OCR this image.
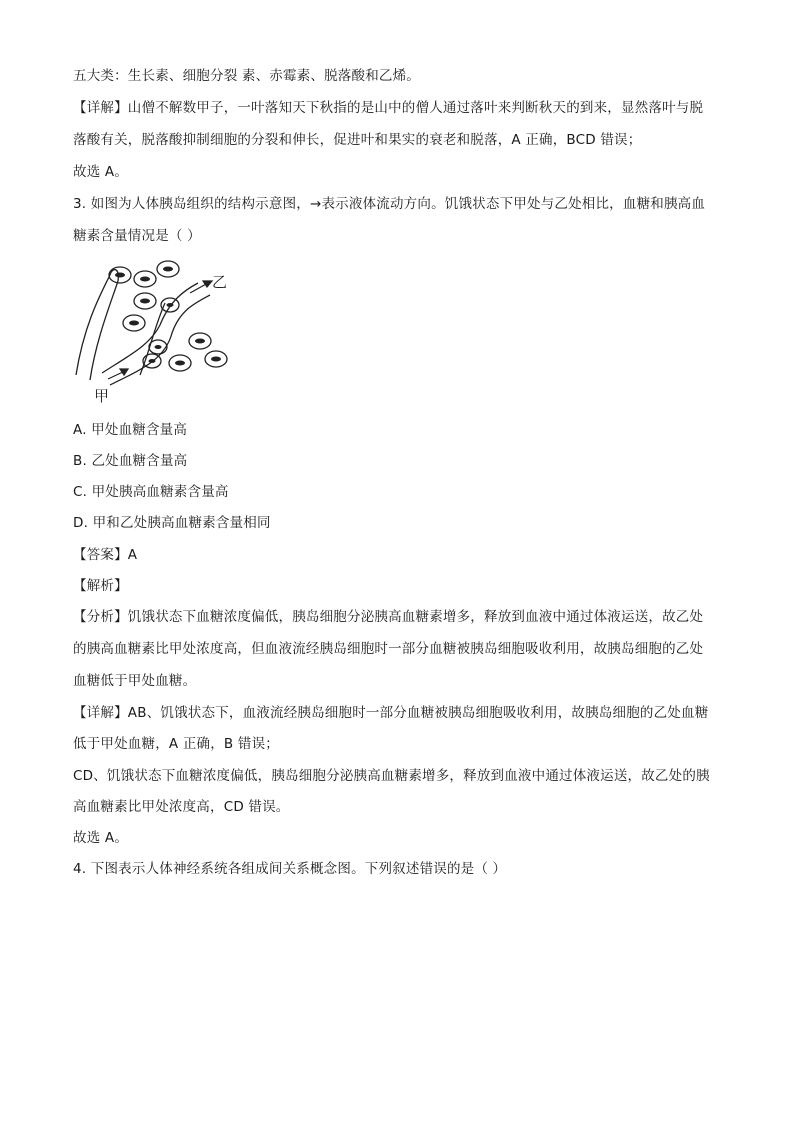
五大类：生长素、细胞分裂 素、赤霉素、脱落酸和乙烯。
【详解】山僧不解数甲子，一叶落知天下秋指的是山中的僧人通过落叶来判断秋天的到来，显然落叶与脱
落酸有关，脱落酸抑制细胞的分裂和伸长，促进叶和果实的衰老和脱落，A 正确，BCD 错误；
故选 A。
3. 如图为人体胰岛组织的结构示意图，→表示液体流动方向。饥饿状态下甲处与乙处相比，血糖和胰高血
糖素含量情况是（ ）
乙
甲
A. 甲处血糖含量高
B. 乙处血糖含量高
C. 甲处胰高血糖素含量高
D. 甲和乙处胰高血糖素含量相同
【答案】A
【解析】
【分析】饥饿状态下血糖浓度偏低，胰岛细胞分泌胰高血糖素增多，释放到血液中通过体液运送，故乙处
的胰高血糖素比甲处浓度高，但血液流经胰岛细胞时一部分血糖被胰岛细胞吸收利用，故胰岛细胞的乙处
血糖低于甲处血糖。
【详解】AB、饥饿状态下，血液流经胰岛细胞时一部分血糖被胰岛细胞吸收利用，故胰岛细胞的乙处血糖
低于甲处血糖，A 正确，B 错误；
CD、饥饿状态下血糖浓度偏低，胰岛细胞分泌胰高血糖素增多，释放到血液中通过体液运送，故乙处的胰
高血糖素比甲处浓度高，CD 错误。
故选 A。
4. 下图表示人体神经系统各组成间关系概念图。下列叙述错误的是（ ）
